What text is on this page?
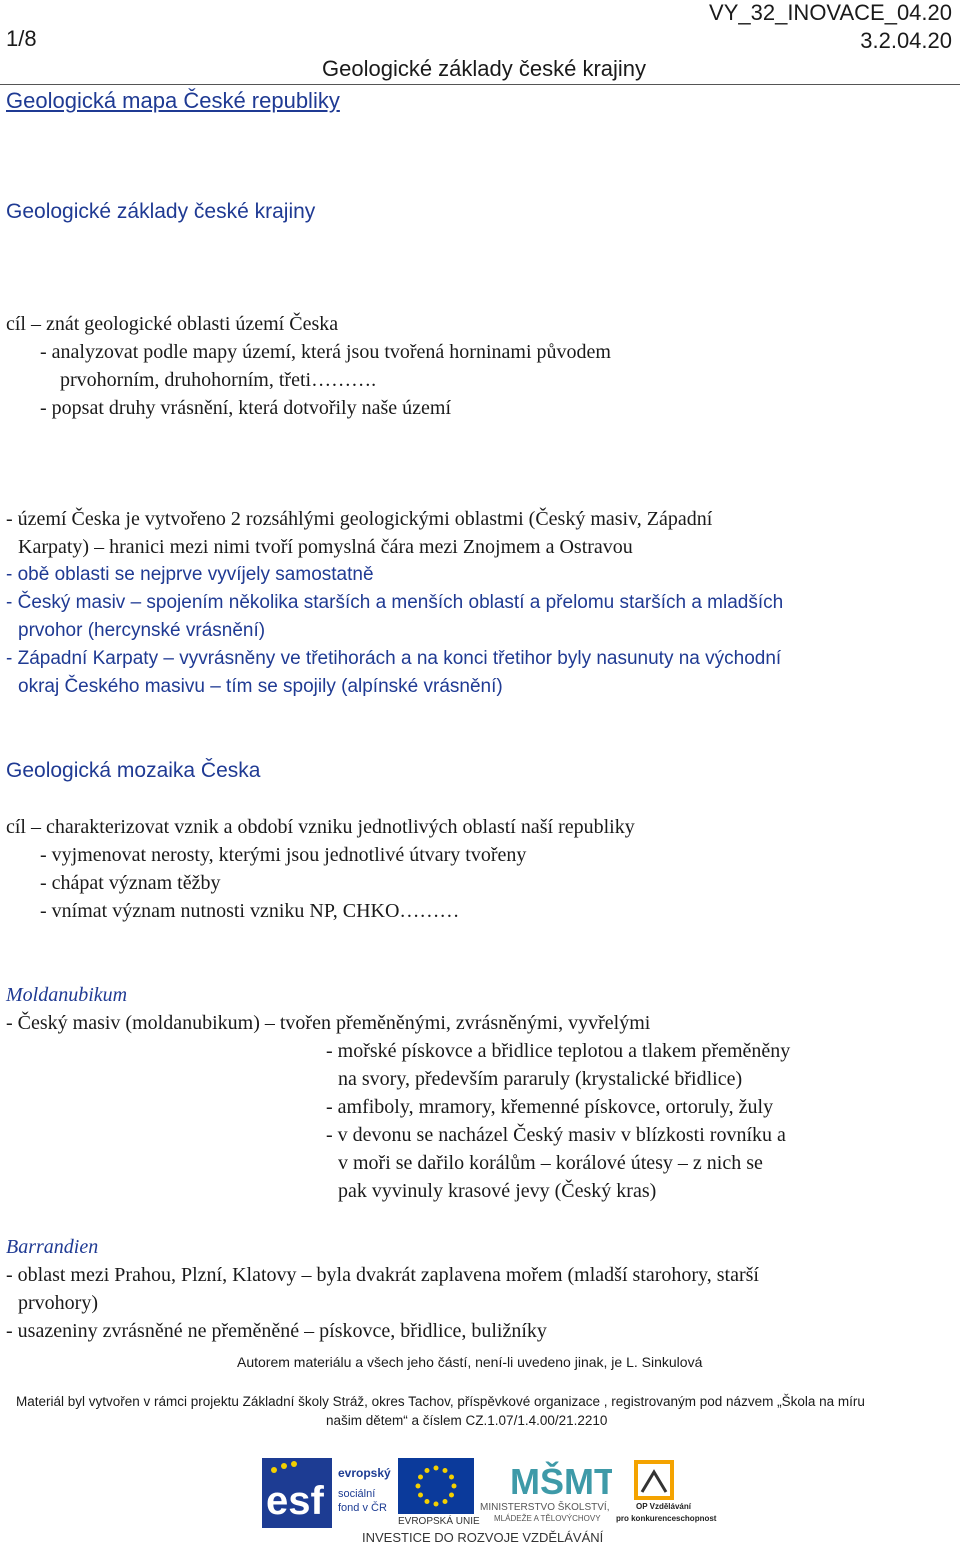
1/8
VY_32_INOVACE_04.20
3.2.04.20
Geologické základy české krajiny
Geologická mapa České republiky
Geologické základy české krajiny
cíl – znát geologické oblasti území Česka
- analyzovat podle mapy území, která jsou tvořená horninami původem
prvohorním, druhohorním, třeti……….
- popsat druhy vrásnění, která dotvořily naše území
- území Česka je vytvořeno 2 rozsáhlými geologickými oblastmi (Český masiv, Západní
Karpaty) – hranici mezi nimi tvoří pomyslná čára mezi Znojmem a Ostravou
- obě oblasti se nejprve vyvíjely samostatně
- Český masiv – spojením několika starších a menších oblastí a přelomu starších a mladších
prvohor (hercynské vrásnění)
- Západní Karpaty – vyvrásněny ve třetihorách a na konci třetihor byly nasunuty na východní
okraj Českého masivu – tím se spojily (alpínské vrásnění)
Geologická mozaika Česka
cíl – charakterizovat vznik a období vzniku jednotlivých oblastí naší republiky
- vyjmenovat nerosty, kterými jsou jednotlivé útvary tvořeny
- chápat význam těžby
- vnímat význam nutnosti vzniku NP, CHKO………
Moldanubikum
- Český masiv (moldanubikum) – tvořen přeměněnými, zvrásněnými, vyvřelými
- mořské pískovce a břidlice teplotou a tlakem přeměněny
na svory, především pararuly (krystalické břidlice)
- amfiboly, mramory, křemenné pískovce, ortoruly, žuly
- v devonu se nacházel Český masiv v blízkosti rovníku a
v moři se dařilo korálům – korálové útesy – z nich se
pak vyvinuly krasové jevy (Český kras)
Barrandien
- oblast mezi Prahou, Plzní, Klatovy – byla dvakrát zaplavena mořem (mladší starohory, starší
prvohory)
- usazeniny zvrásněné ne přeměněné – pískovce, břidlice, buližníky
Autorem materiálu a všech jeho částí, není-li uvedeno jinak, je L. Sinkulová
Materiál byl vytvořen v rámci projektu Základní školy Stráž, okres Tachov, příspěvkové organizace , registrovaným pod názvem „Škola na míru
našim dětem“ a číslem CZ.1.07/1.4.00/21.2210
esf
evropský
sociální
fond v ČR
EVROPSKÁ UNIE
MŠMT
MINISTERSTVO ŠKOLSTVÍ,
MLÁDEŽE A TĚLOVÝCHOVY
OP Vzdělávání
pro konkurenceschopnost
INVESTICE DO ROZVOJE VZDĚLÁVÁNÍ
